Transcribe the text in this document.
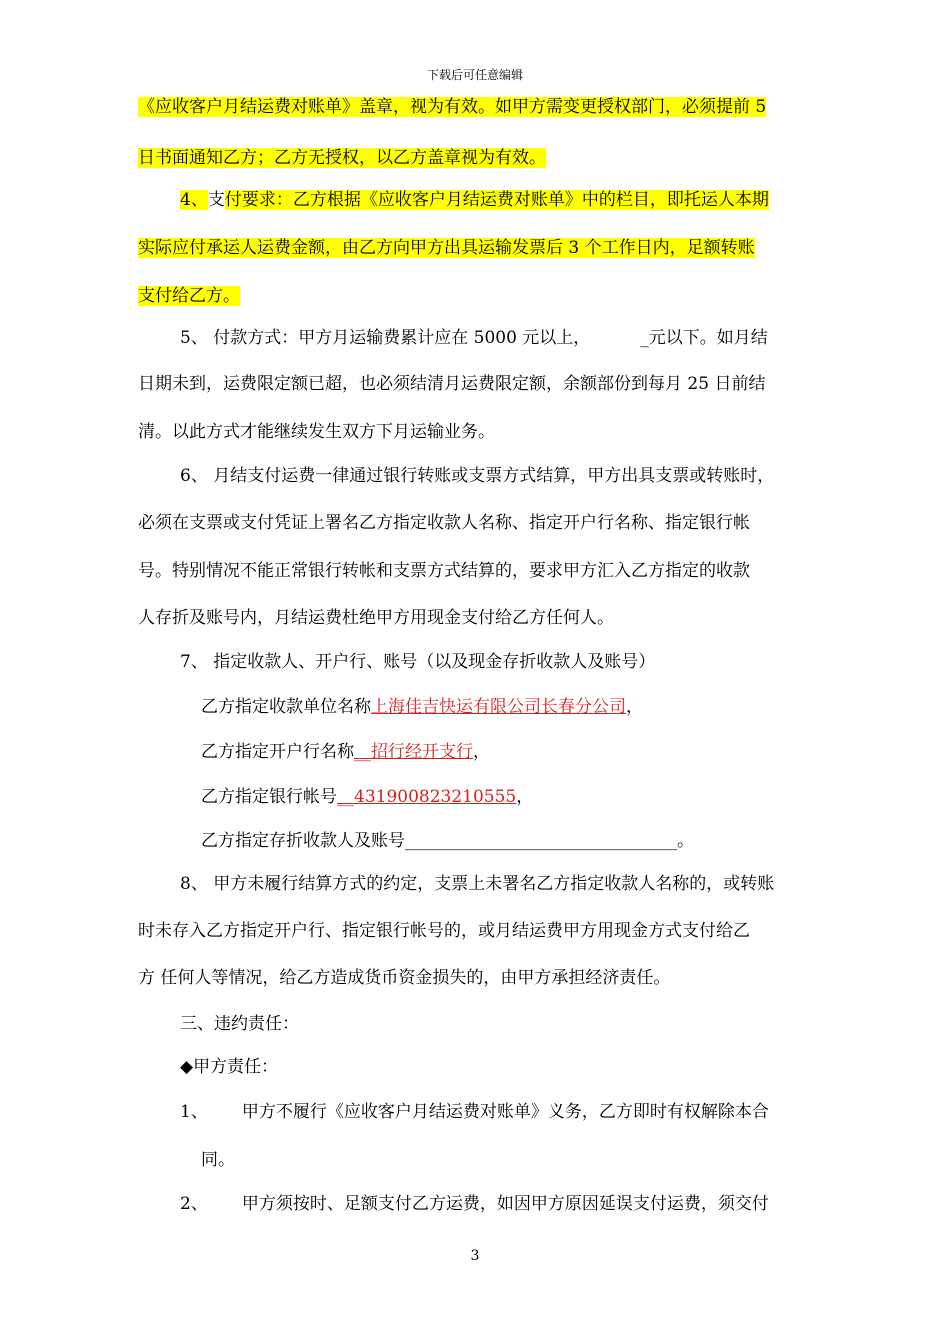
下载后可任意编辑
《应收客户月结运费对账单》盖章，视为有效。如甲方需变更授权部门，必须提前 5
日书面通知乙方；乙方无授权，以乙方盖章视为有效。
4、支付要求：乙方根据《应收客户月结运费对账单》中的栏目，即托运人本期
实际应付承运人运费金额，由乙方向甲方出具运输发票后 3 个工作日内，足额转账
支付给乙方。
5、 付款方式：甲方月运输费累计应在 5000 元以上，	_元以下。如月结
日期未到，运费限定额已超，也必须结清月运费限定额，余额部份到每月 25 日前结
清。以此方式才能继续发生双方下月运输业务。
6、 月结支付运费一律通过银行转账或支票方式结算，甲方出具支票或转账时，
必须在支票或支付凭证上署名乙方指定收款人名称、指定开户行名称、指定银行帐
号。特别情况不能正常银行转帐和支票方式结算的，要求甲方汇入乙方指定的收款
人存折及账号内，月结运费杜绝甲方用现金支付给乙方任何人。
7、 指定收款人、开户行、账号（以及现金存折收款人及账号）
乙方指定收款单位名称上海佳吉快运有限公司长春分公司，
乙方指定开户行名称__招行经开支行，
乙方指定银行帐号__431900823210555，
乙方指定存折收款人及账号________________________________。
8、 甲方未履行结算方式的约定，支票上未署名乙方指定收款人名称的，或转账
时未存入乙方指定开户行、指定银行帐号的，或月结运费甲方用现金方式支付给乙
方 任何人等情况，给乙方造成货币资金损失的，由甲方承担经济责任。
三、违约责任：
◆甲方责任：
1、 甲方不履行《应收客户月结运费对账单》义务，乙方即时有权解除本合
同。
2、 甲方须按时、足额支付乙方运费，如因甲方原因延误支付运费，须交付
3
